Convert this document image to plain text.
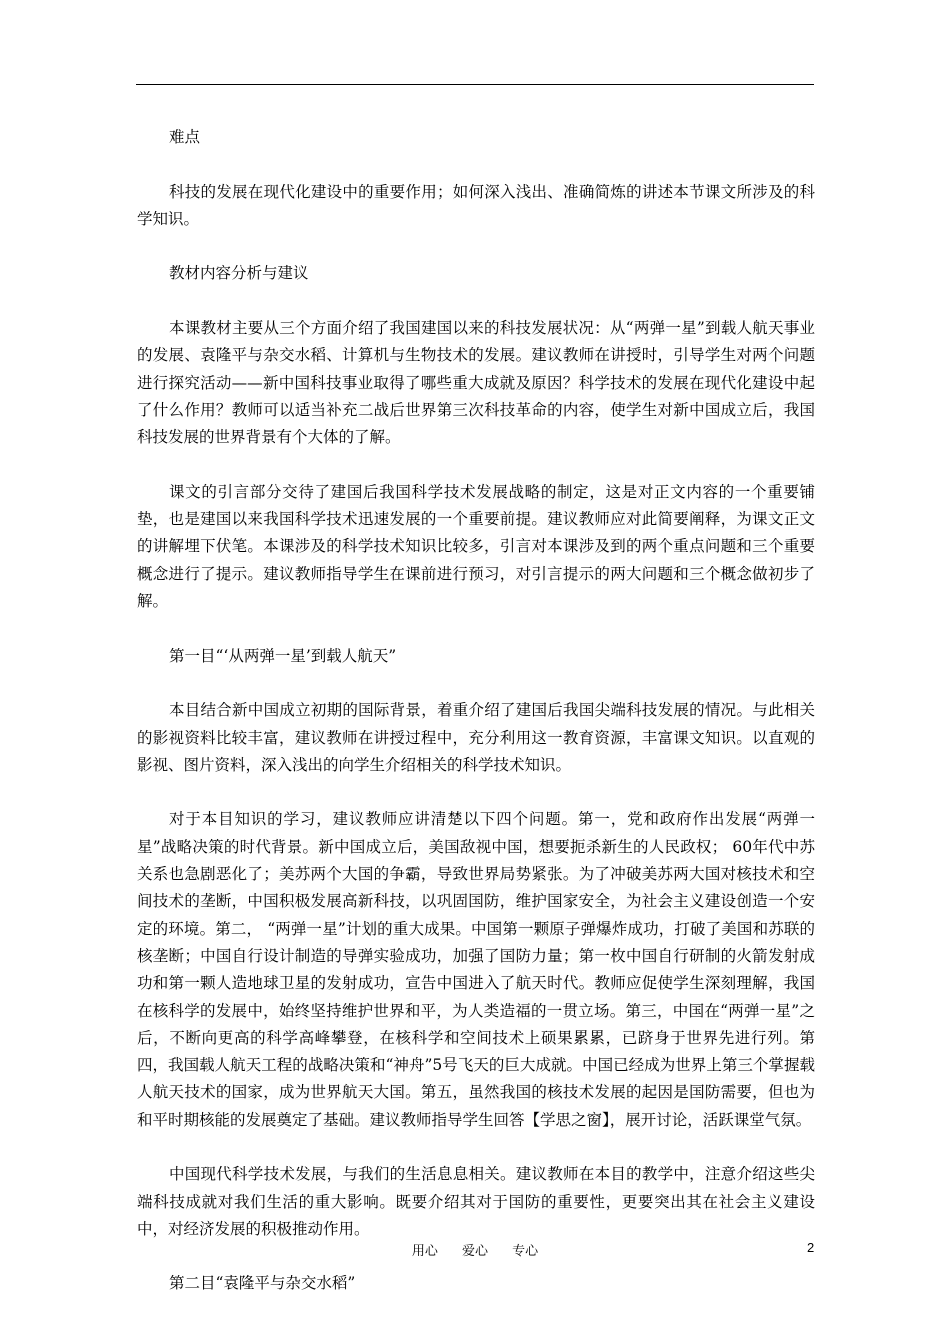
难点

科技的发展在现代化建设中的重要作用；如何深入浅出、准确简炼的讲述本节课文所涉及的科学知识。

教材内容分析与建议

本课教材主要从三个方面介绍了我国建国以来的科技发展状况：从“两弹一星”到载人航天事业的发展、袁隆平与杂交水稻、计算机与生物技术的发展。建议教师在讲授时，引导学生对两个问题进行探究活动——新中国科技事业取得了哪些重大成就及原因？科学技术的发展在现代化建设中起了什么作用？教师可以适当补充二战后世界第三次科技革命的内容，使学生对新中国成立后，我国科技发展的世界背景有个大体的了解。

课文的引言部分交待了建国后我国科学技术发展战略的制定，这是对正文内容的一个重要铺垫，也是建国以来我国科学技术迅速发展的一个重要前提。建议教师应对此简要阐释，为课文正文的讲解埋下伏笔。本课涉及的科学技术知识比较多，引言对本课涉及到的两个重点问题和三个重要概念进行了提示。建议教师指导学生在课前进行预习，对引言提示的两大问题和三个概念做初步了解。

第一目“‘从两弹一星’到载人航天”

本目结合新中国成立初期的国际背景，着重介绍了建国后我国尖端科技发展的情况。与此相关的影视资料比较丰富，建议教师在讲授过程中，充分利用这一教育资源，丰富课文知识。以直观的影视、图片资料，深入浅出的向学生介绍相关的科学技术知识。

对于本目知识的学习，建议教师应讲清楚以下四个问题。第一，党和政府作出发展“两弹一星”战略决策的时代背景。新中国成立后，美国敌视中国，想要扼杀新生的人民政权； 60年代中苏关系也急剧恶化了；美苏两个大国的争霸，导致世界局势紧张。为了冲破美苏两大国对核技术和空间技术的垄断，中国积极发展高新科技，以巩固国防，维护国家安全，为社会主义建设创造一个安定的环境。第二， “两弹一星”计划的重大成果。中国第一颗原子弹爆炸成功，打破了美国和苏联的核垄断；中国自行设计制造的导弹实验成功，加强了国防力量；第一枚中国自行研制的火箭发射成功和第一颗人造地球卫星的发射成功，宣告中国进入了航天时代。教师应促使学生深刻理解，我国在核科学的发展中，始终坚持维护世界和平，为人类造福的一贯立场。第三，中国在“两弹一星”之后，不断向更高的科学高峰攀登，在核科学和空间技术上硕果累累，已跻身于世界先进行列。第四，我国载人航天工程的战略决策和“神舟”5号飞天的巨大成就。中国已经成为世界上第三个掌握载人航天技术的国家，成为世界航天大国。第五，虽然我国的核技术发展的起因是国防需要，但也为和平时期核能的发展奠定了基础。建议教师指导学生回答【学思之窗】，展开讨论，活跃课堂气氛。

中国现代科学技术发展，与我们的生活息息相关。建议教师在本目的教学中，注意介绍这些尖端科技成就对我们生活的重大影响。既要介绍其对于国防的重要性，更要突出其在社会主义建设中，对经济发展的积极推动作用。

第二目“袁隆平与杂交水稻”

用心 爱心 专心	2
